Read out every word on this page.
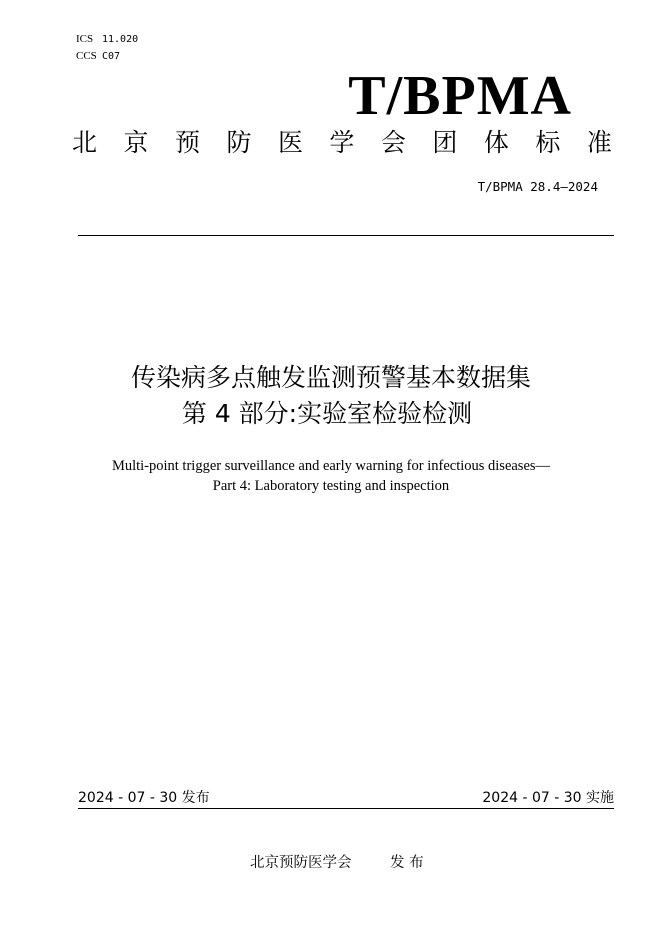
ICS 11.020
CCS C07
T/BPMA
北 京 预 防 医 学 会 团 体 标 准
T/BPMA 28.4—2024
传染病多点触发监测预警基本数据集
第 4 部分:实验室检验检测
Multi-point trigger surveillance and early warning for infectious diseases—
Part 4: Laboratory testing and inspection
2024 - 07 - 30 发布	2024 - 07 - 30 实施
北京预防医学会	发 布
